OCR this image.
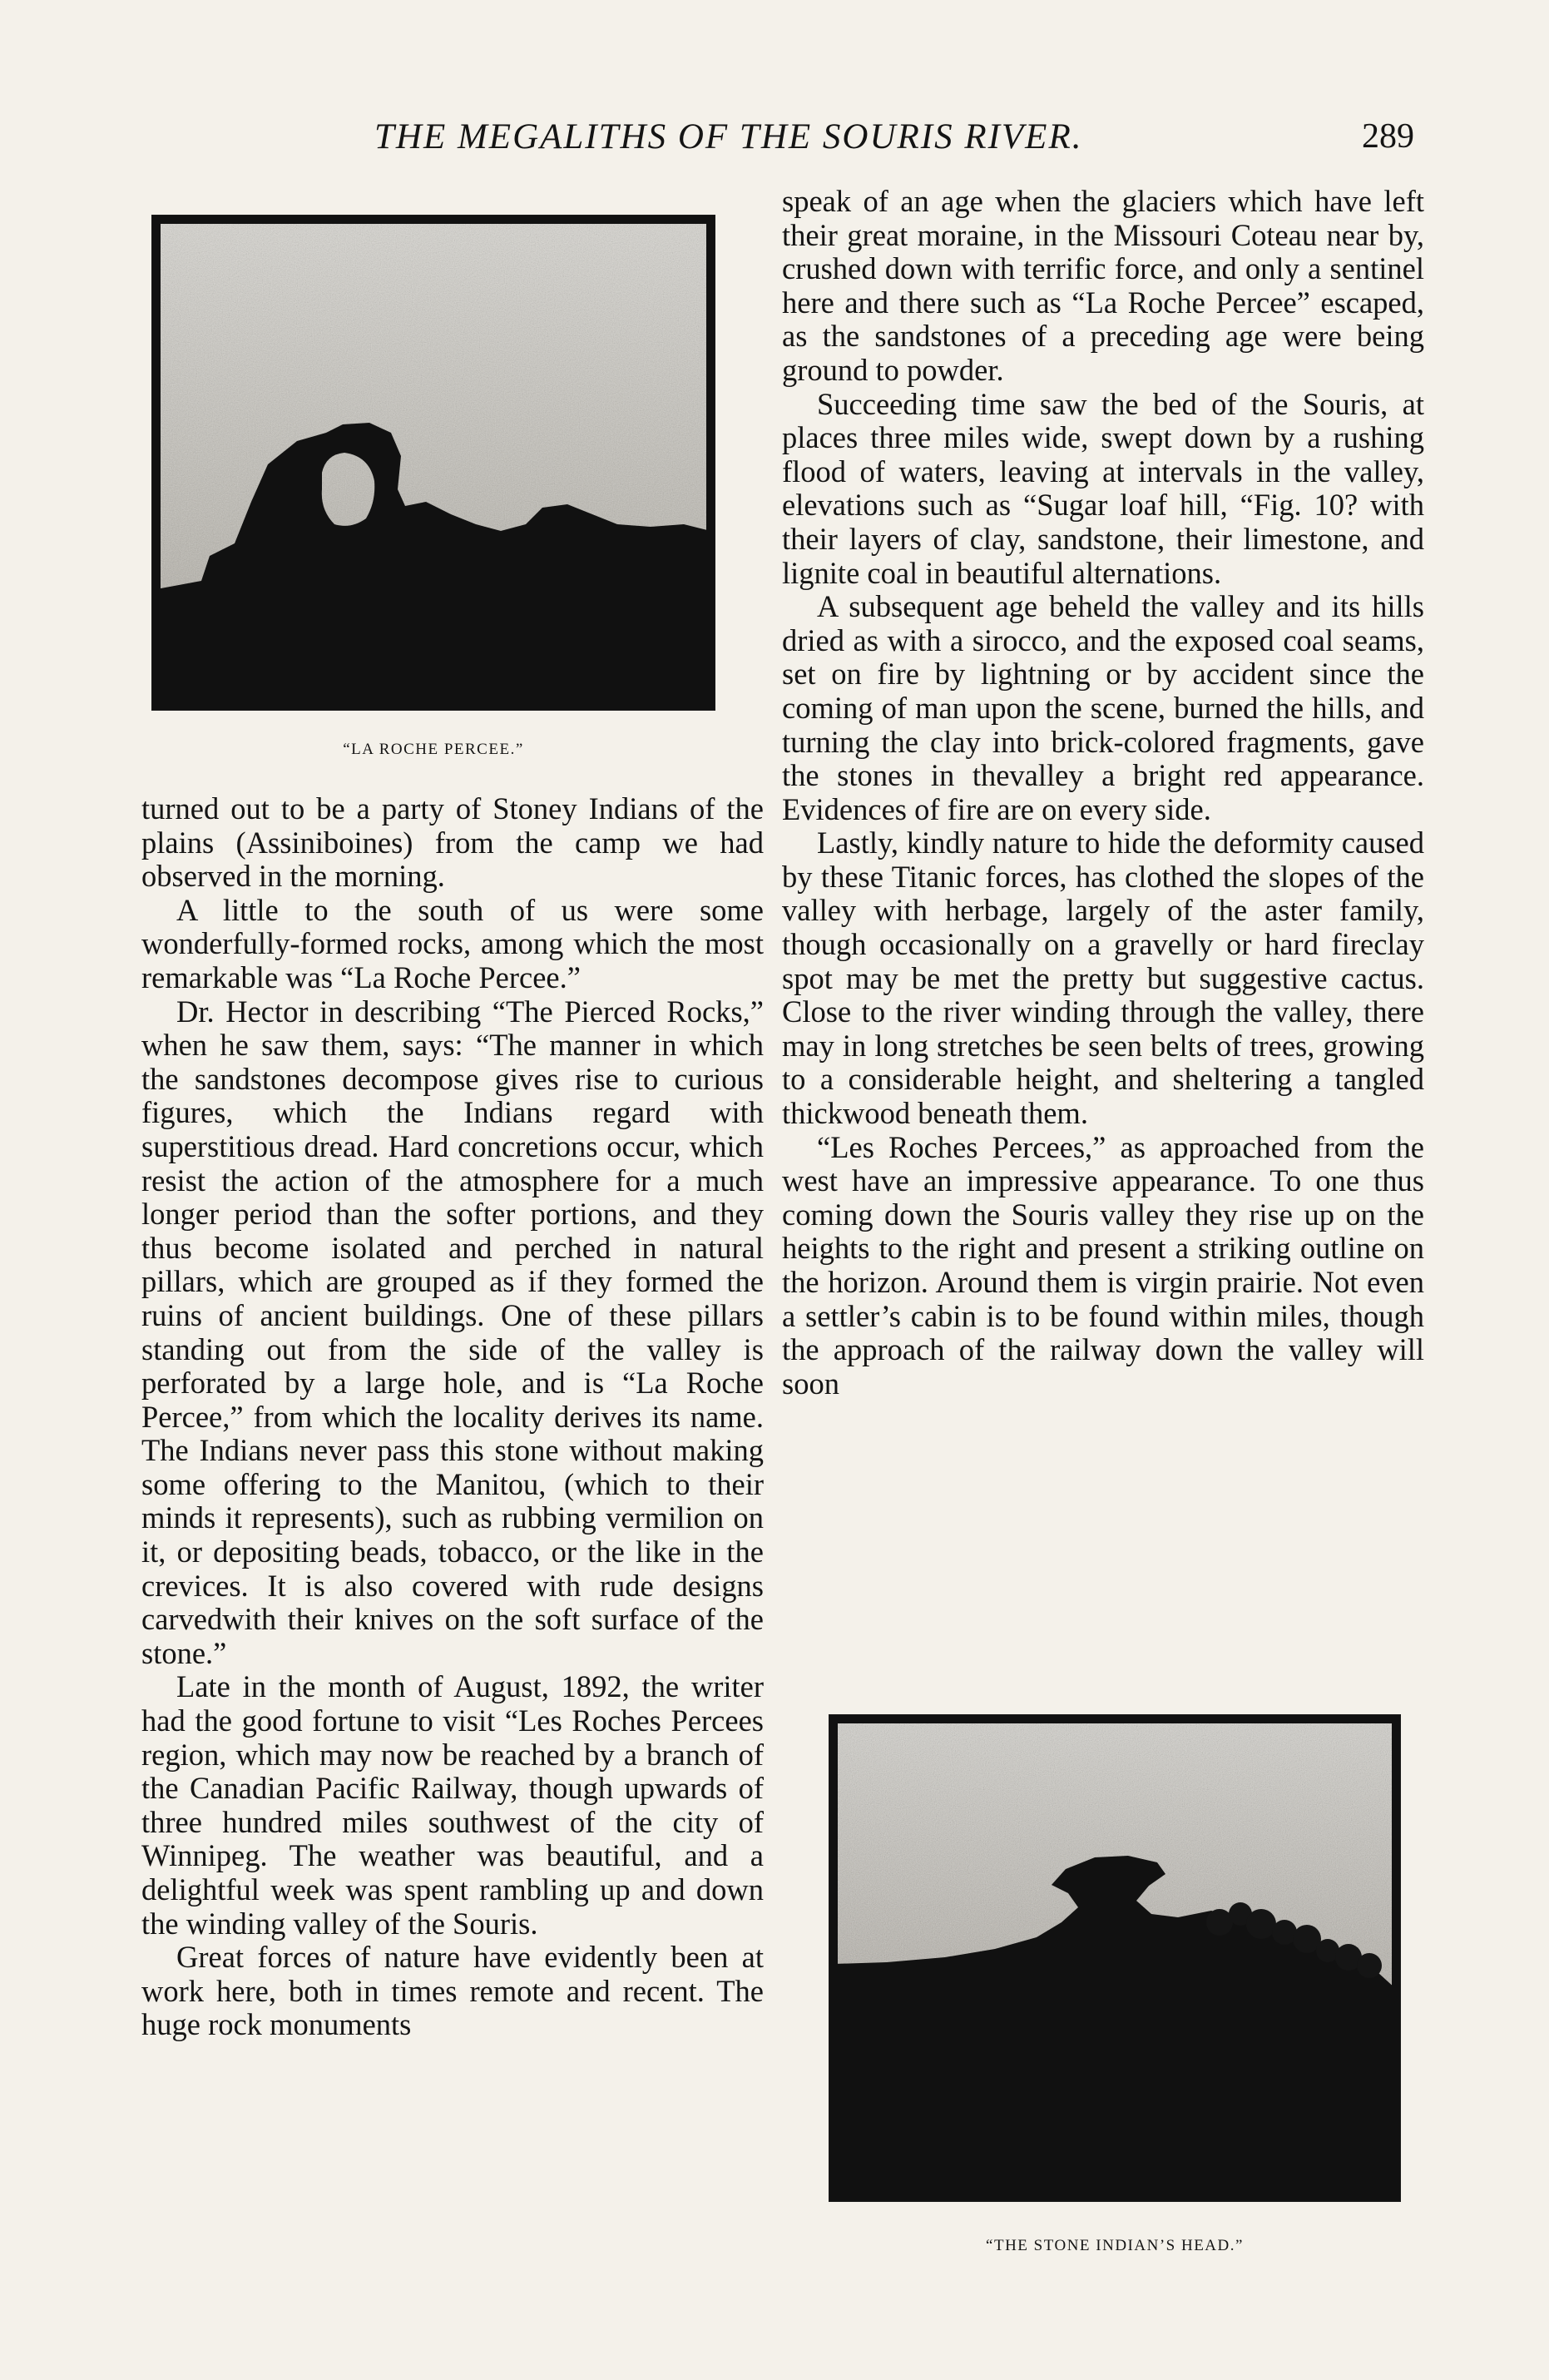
THE MEGALITHS OF THE SOURIS RIVER.	289
“LA ROCHE PERCEE.”

turned out to be a party of Stoney Indians of the plains (Assiniboines) from the camp we had observed in the morning.

A little to the south of us were some wonderfully-formed rocks, among which the most remarkable was “La Roche Percee.”

Dr. Hector in describing “The Pierced Rocks,” when he saw them, says: “The manner in which the sandstones decompose gives rise to curious figures, which the Indians regard with superstitious dread. Hard concretions occur, which resist the action of the atmosphere for a much longer period than the softer portions, and they thus become isolated and perched in natural pillars, which are grouped as if they formed the ruins of ancient buildings. One of these pillars standing out from the side of the valley is perforated by a large hole, and is “La Roche Percee,” from which the locality derives its name. The Indians never pass this stone without making some offering to the Manitou, (which to their minds it represents), such as rubbing vermilion on it, or depositing beads, tobacco, or the like in the crevices. It is also covered with rude designs carvedwith their knives on the soft surface of the stone.”

Late in the month of August, 1892, the writer had the good fortune to visit “Les Roches Percees region, which may now be reached by a branch of the Canadian Pacific Railway, though upwards of three hundred miles southwest of the city of Winnipeg. The weather was beautiful, and a delightful week was spent rambling up and down the winding valley of the Souris.

Great forces of nature have evidently been at work here, both in times remote and recent. The huge rock monuments

speak of an age when the glaciers which have left their great moraine, in the Missouri Coteau near by, crushed down with terrific force, and only a sentinel here and there such as “La Roche Percee” escaped, as the sandstones of a preceding age were being ground to powder.

Succeeding time saw the bed of the Souris, at places three miles wide, swept down by a rushing flood of waters, leaving at intervals in the valley, elevations such as “Sugar loaf hill, “Fig. 10? with their layers of clay, sandstone, their limestone, and lignite coal in beautiful alternations.

A subsequent age beheld the valley and its hills dried as with a sirocco, and the exposed coal seams, set on fire by lightning or by accident since the coming of man upon the scene, burned the hills, and turning the clay into brick-colored fragments, gave the stones in thevalley a bright red appearance. Evidences of fire are on every side.

Lastly, kindly nature to hide the deformity caused by these Titanic forces, has clothed the slopes of the valley with herbage, largely of the aster family, though occasionally on a gravelly or hard fireclay spot may be met the pretty but suggestive cactus. Close to the river winding through the valley, there may in long stretches be seen belts of trees, growing to a considerable height, and sheltering a tangled thickwood beneath them.

“Les Roches Percees,” as approached from the west have an impressive appearance. To one thus coming down the Souris valley they rise up on the heights to the right and present a striking outline on the horizon. Around them is virgin prairie. Not even a settler’s cabin is to be found within miles, though the approach of the railway down the valley will soon

“THE STONE INDIAN’S HEAD.”
